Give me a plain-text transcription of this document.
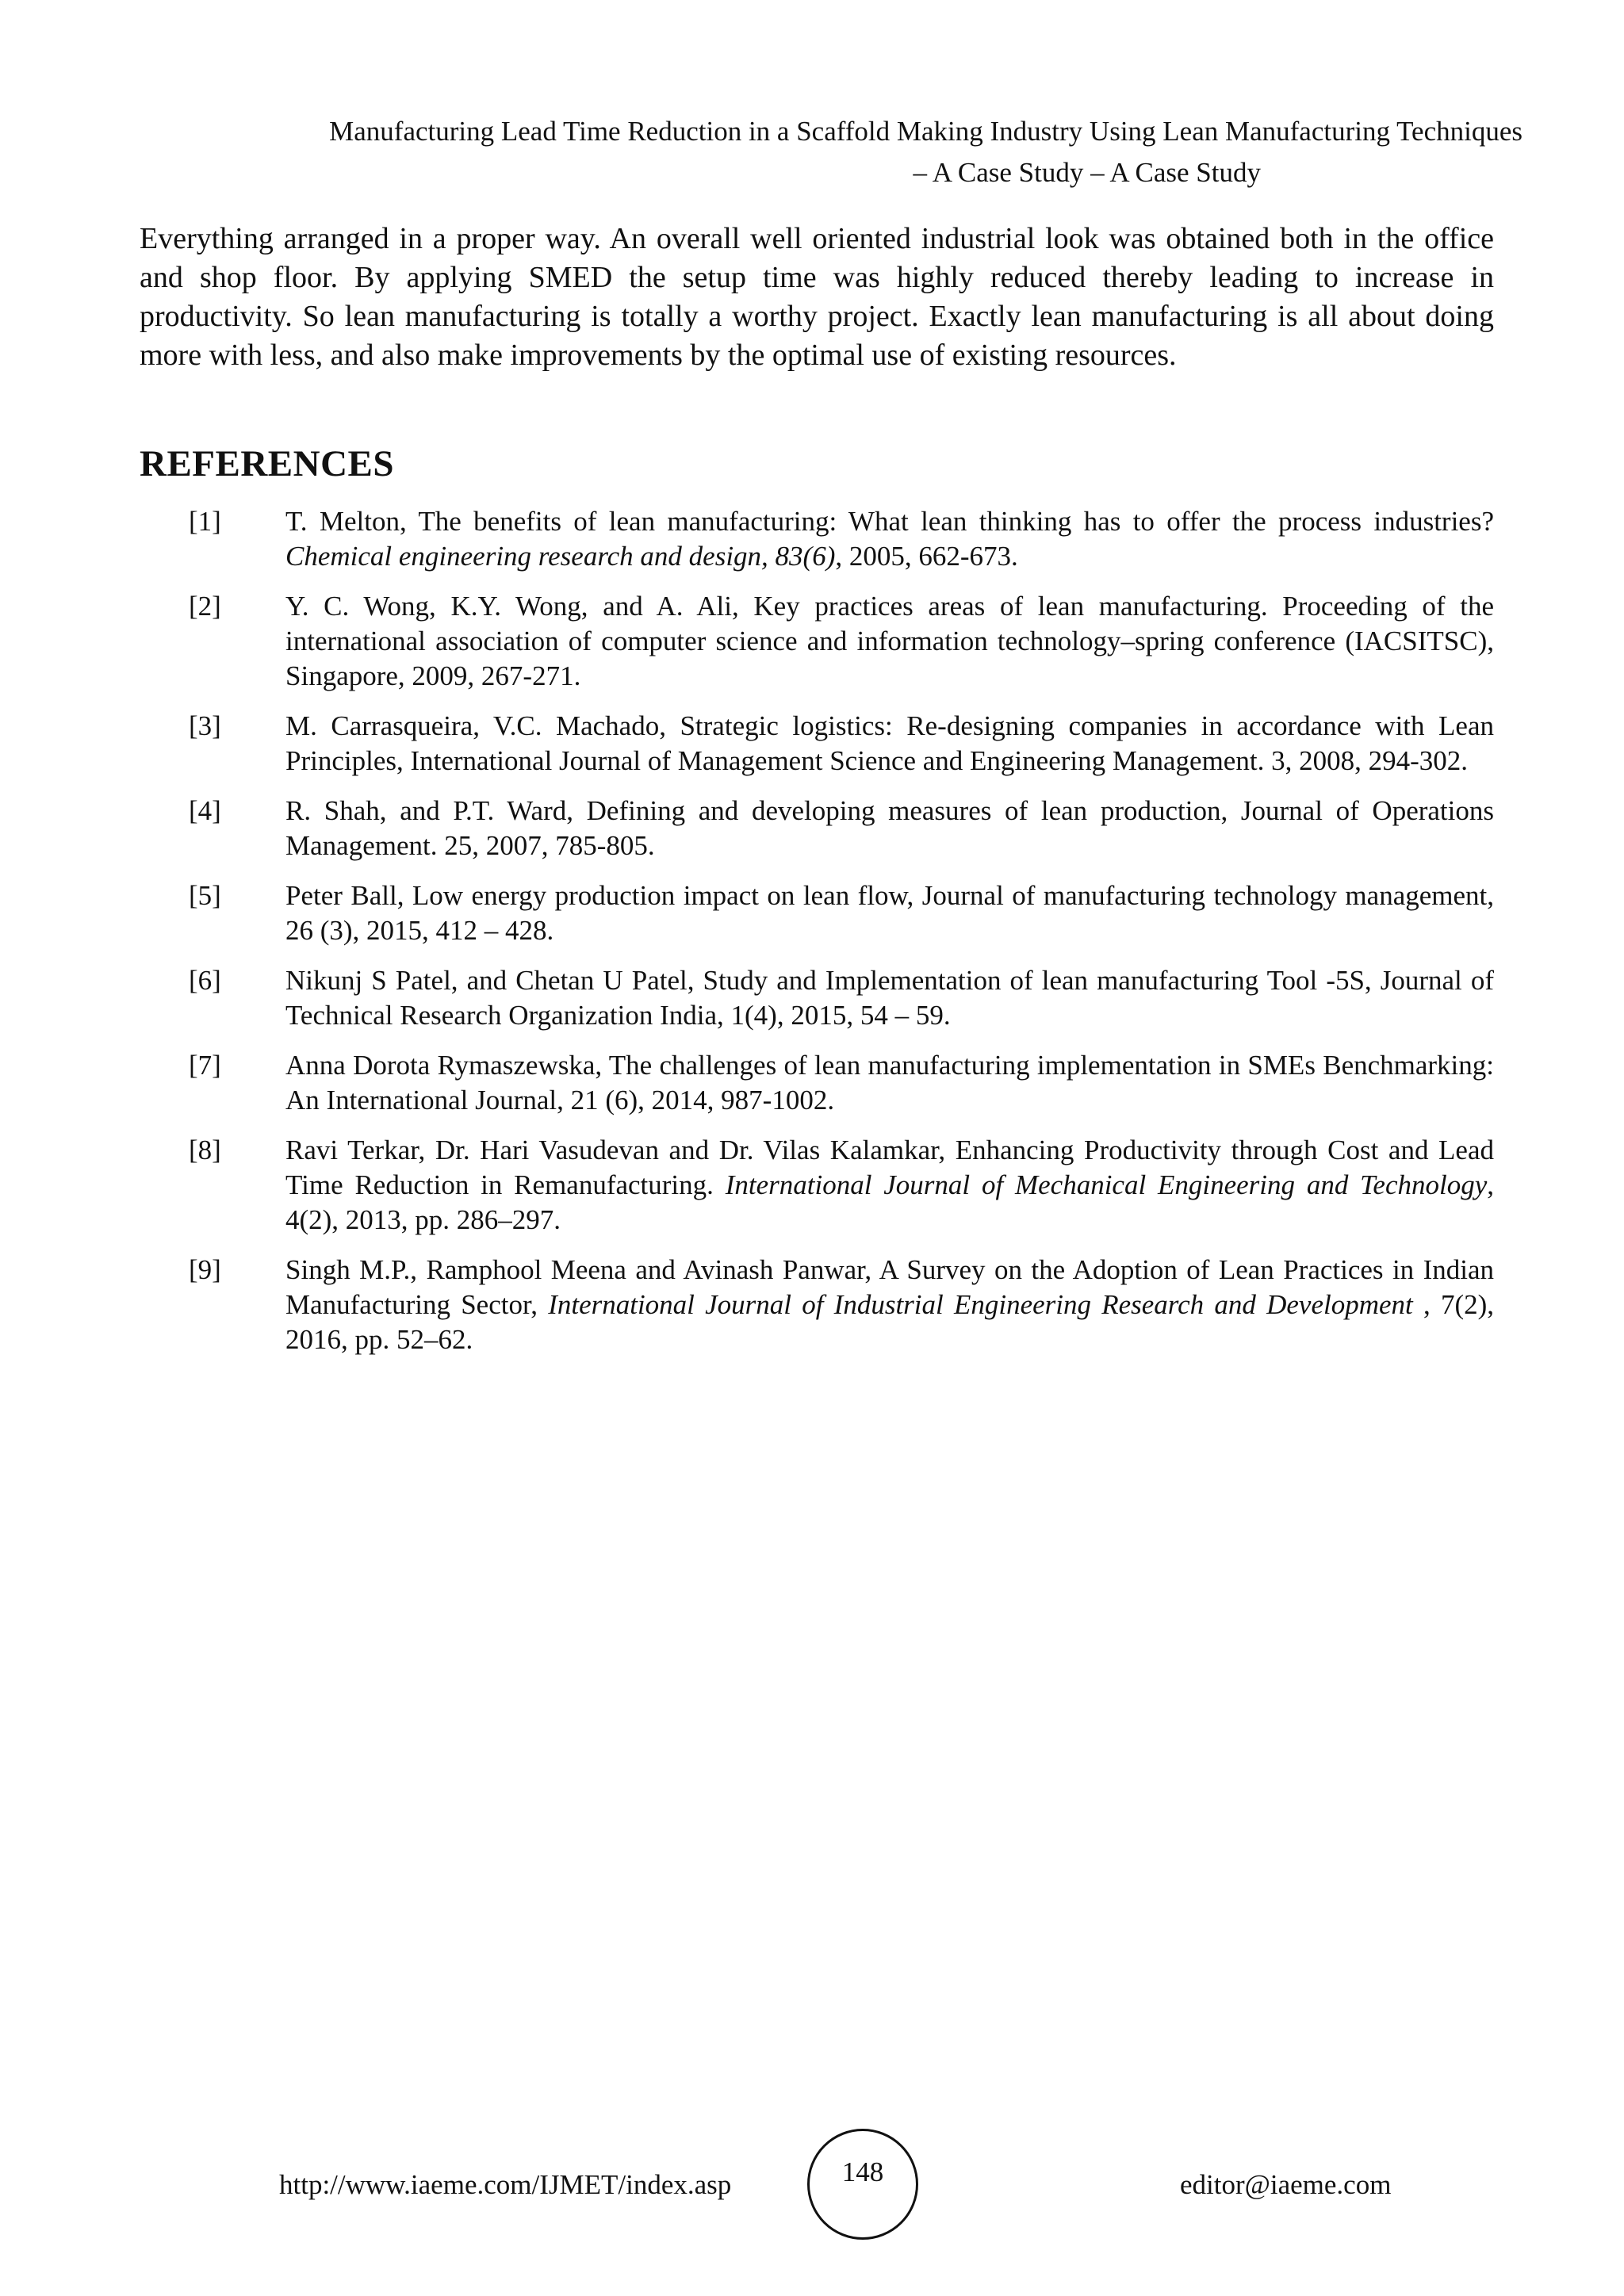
Manufacturing Lead Time Reduction in a Scaffold Making Industry Using Lean Manufacturing Techniques
– A Case Study – A Case Study

Everything arranged in a proper way. An overall well oriented industrial look was obtained both in the office and shop floor. By applying SMED the setup time was highly reduced thereby leading to increase in productivity. So lean manufacturing is totally a worthy project. Exactly lean manufacturing is all about doing more with less, and also make improvements by the optimal use of existing resources.

REFERENCES
[1]	T. Melton, The benefits of lean manufacturing: What lean thinking has to offer the process industries? Chemical engineering research and design, 83(6), 2005, 662-673.
[2]	Y. C. Wong, K.Y. Wong, and A. Ali, Key practices areas of lean manufacturing. Proceeding of the international association of computer science and information technology–spring conference (IACSITSC), Singapore, 2009, 267-271.
[3]	M. Carrasqueira, V.C. Machado, Strategic logistics: Re-designing companies in accordance with Lean Principles, International Journal of Management Science and Engineering Management. 3, 2008, 294-302.
[4]	R. Shah, and P.T. Ward, Defining and developing measures of lean production, Journal of Operations Management. 25, 2007, 785-805.
[5]	Peter Ball, Low energy production impact on lean flow, Journal of manufacturing technology management, 26 (3), 2015, 412 – 428.
[6]	Nikunj S Patel, and Chetan U Patel, Study and Implementation of lean manufacturing Tool -5S, Journal of Technical Research Organization India, 1(4), 2015, 54 – 59.
[7]	Anna Dorota Rymaszewska, The challenges of lean manufacturing implementation in SMEs Benchmarking: An International Journal, 21 (6), 2014, 987-1002.
[8]	Ravi Terkar, Dr. Hari Vasudevan and Dr. Vilas Kalamkar, Enhancing Productivity through Cost and Lead Time Reduction in Remanufacturing. International Journal of Mechanical Engineering and Technology, 4(2), 2013, pp. 286–297.
[9]	Singh M.P., Ramphool Meena and Avinash Panwar, A Survey on the Adoption of Lean Practices in Indian Manufacturing Sector, International Journal of Industrial Engineering Research and Development , 7(2), 2016, pp. 52–62.
http://www.iaeme.com/IJMET/index.asp	148	editor@iaeme.com
